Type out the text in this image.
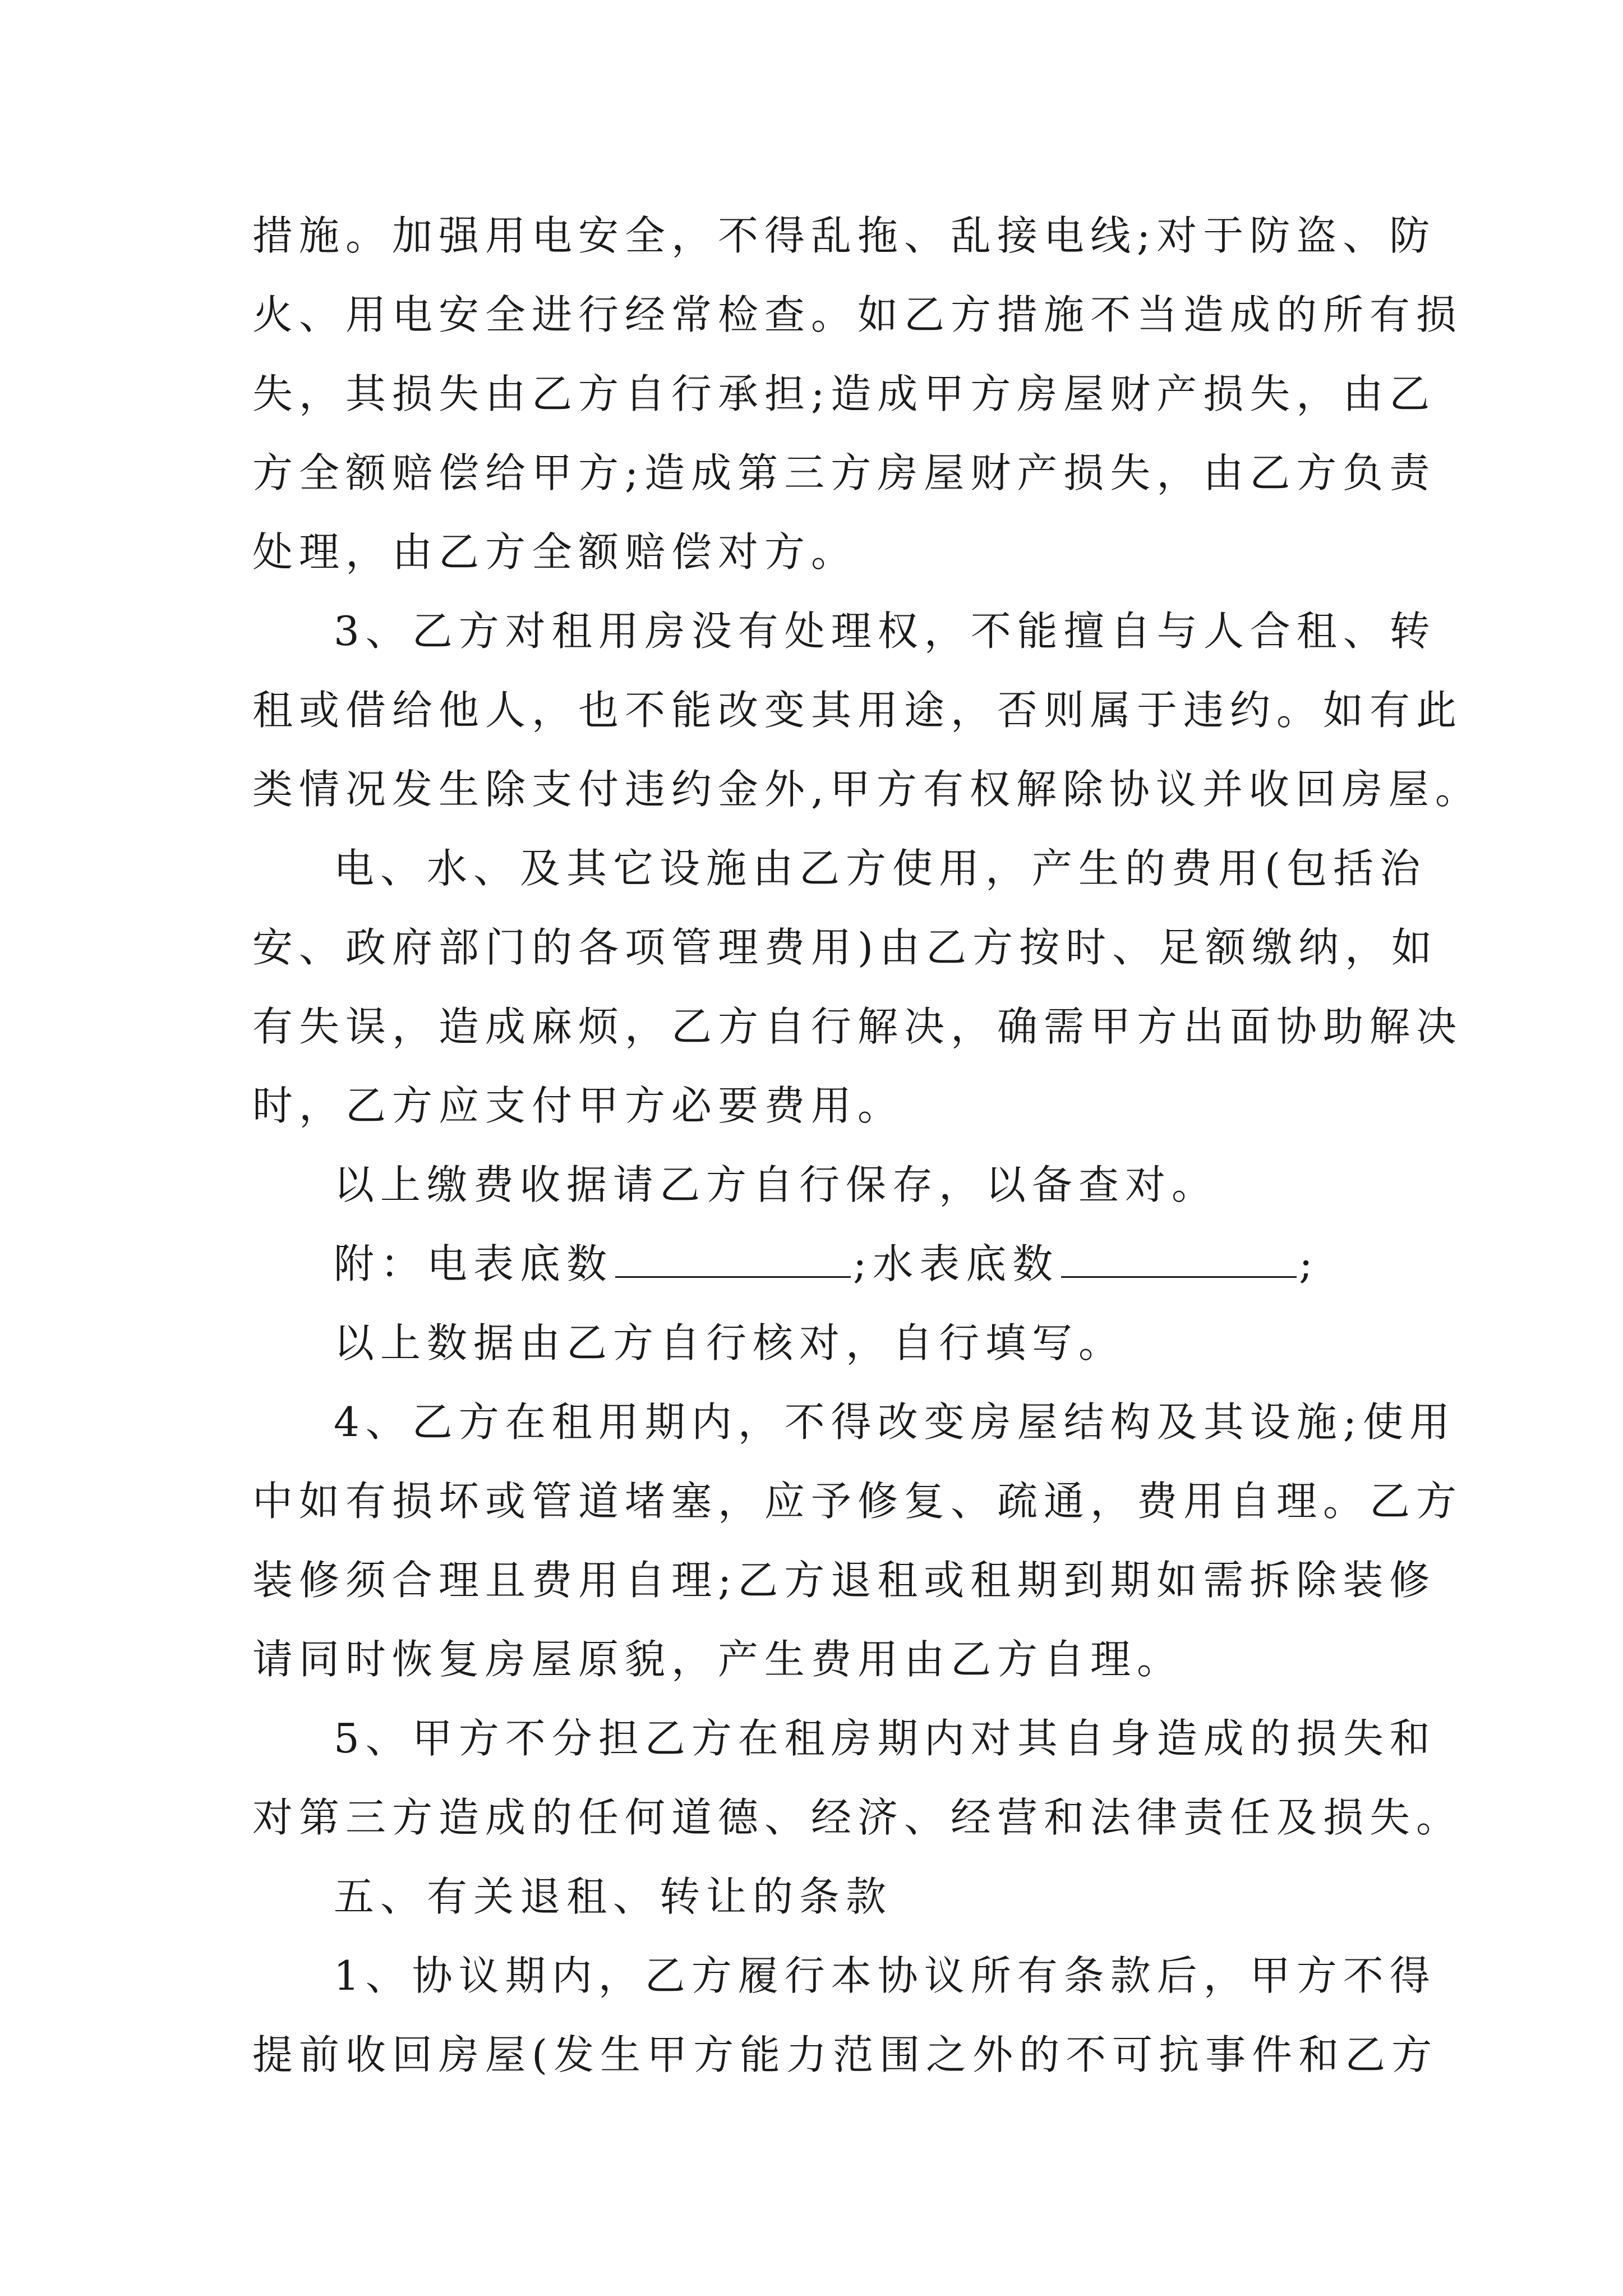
措施。加强用电安全，不得乱拖、乱接电线;对于防盗、防
火、用电安全进行经常检查。如乙方措施不当造成的所有损
失，其损失由乙方自行承担;造成甲方房屋财产损失，由乙
方全额赔偿给甲方;造成第三方房屋财产损失，由乙方负责
处理，由乙方全额赔偿对方。
3、乙方对租用房没有处理权，不能擅自与人合租、转
租或借给他人，也不能改变其用途，否则属于违约。如有此
类情况发生除支付违约金外,甲方有权解除协议并收回房屋。
电、水、及其它设施由乙方使用，产生的费用(包括治
安、政府部门的各项管理费用)由乙方按时、足额缴纳，如
有失误，造成麻烦，乙方自行解决，确需甲方出面协助解决
时，乙方应支付甲方必要费用。
以上缴费收据请乙方自行保存，以备查对。
附：电表底数	;水表底数	;
以上数据由乙方自行核对，自行填写。
4、乙方在租用期内，不得改变房屋结构及其设施;使用
中如有损坏或管道堵塞，应予修复、疏通，费用自理。乙方
装修须合理且费用自理;乙方退租或租期到期如需拆除装修
请同时恢复房屋原貌，产生费用由乙方自理。
5、甲方不分担乙方在租房期内对其自身造成的损失和
对第三方造成的任何道德、经济、经营和法律责任及损失。
五、有关退租、转让的条款
1、协议期内，乙方履行本协议所有条款后，甲方不得
提前收回房屋(发生甲方能力范围之外的不可抗事件和乙方
